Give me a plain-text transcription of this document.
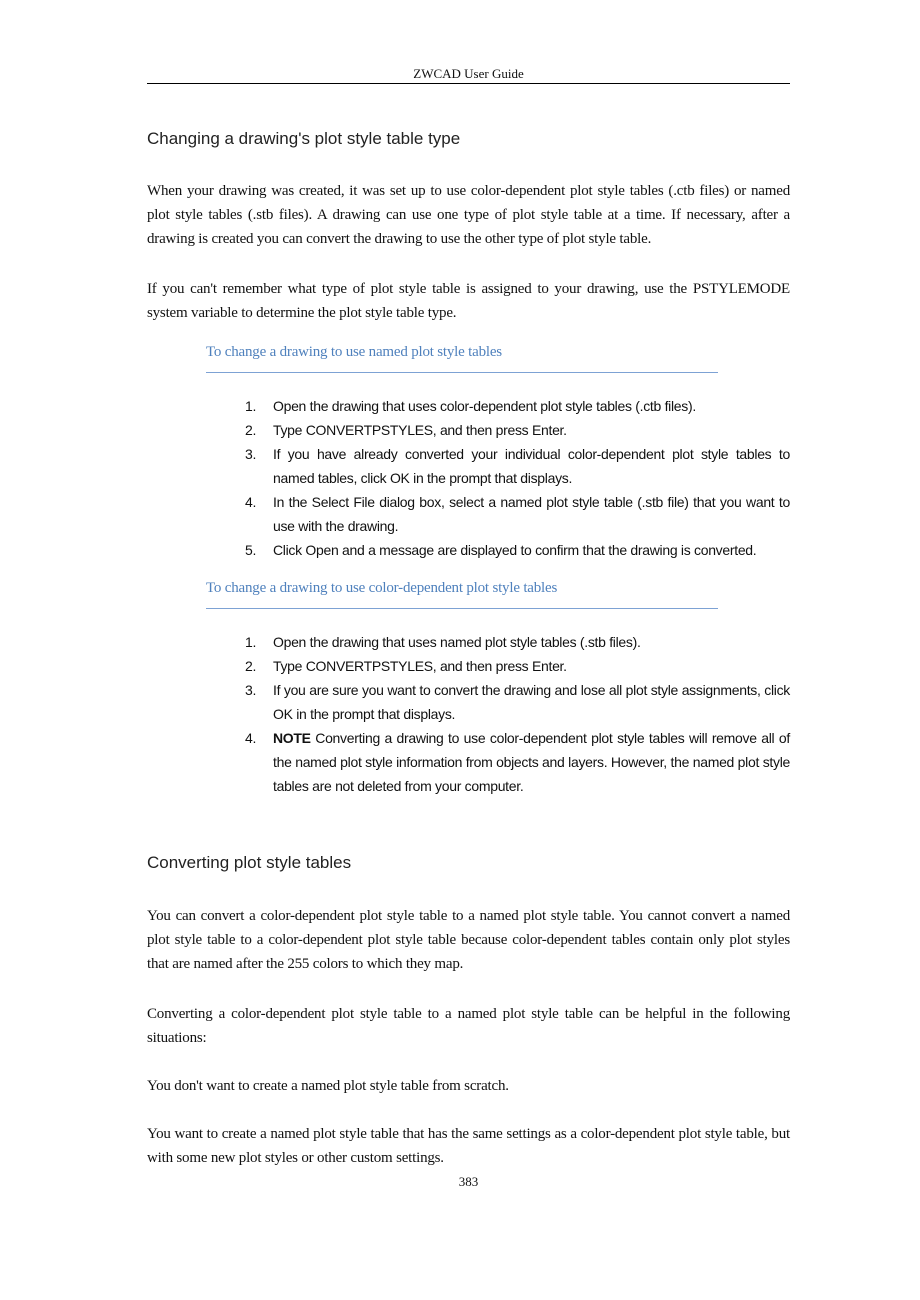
ZWCAD User Guide
Changing a drawing's plot style table type

When your drawing was created, it was set up to use color-dependent plot style tables (.ctb files) or named plot style tables (.stb files). A drawing can use one type of plot style table at a time. If necessary, after a drawing is created you can convert the drawing to use the other type of plot style table.

If you can't remember what type of plot style table is assigned to your drawing, use the PSTYLEMODE system variable to determine the plot style table type.

To change a drawing to use named plot style tables
1. Open the drawing that uses color-dependent plot style tables (.ctb files).
2. Type CONVERTPSTYLES, and then press Enter.
3. If you have already converted your individual color-dependent plot style tables to named tables, click OK in the prompt that displays.
4. In the Select File dialog box, select a named plot style table (.stb file) that you want to use with the drawing.
5. Click Open and a message are displayed to confirm that the drawing is converted.
To change a drawing to use color-dependent plot style tables
1. Open the drawing that uses named plot style tables (.stb files).
2. Type CONVERTPSTYLES, and then press Enter.
3. If you are sure you want to convert the drawing and lose all plot style assignments, click OK in the prompt that displays.
4. NOTE Converting a drawing to use color-dependent plot style tables will remove all of the named plot style information from objects and layers. However, the named plot style tables are not deleted from your computer.
Converting plot style tables

You can convert a color-dependent plot style table to a named plot style table. You cannot convert a named plot style table to a color-dependent plot style table because color-dependent tables contain only plot styles that are named after the 255 colors to which they map.

Converting a color-dependent plot style table to a named plot style table can be helpful in the following situations:

You don't want to create a named plot style table from scratch.

You want to create a named plot style table that has the same settings as a color-dependent plot style table, but with some new plot styles or other custom settings.

383
